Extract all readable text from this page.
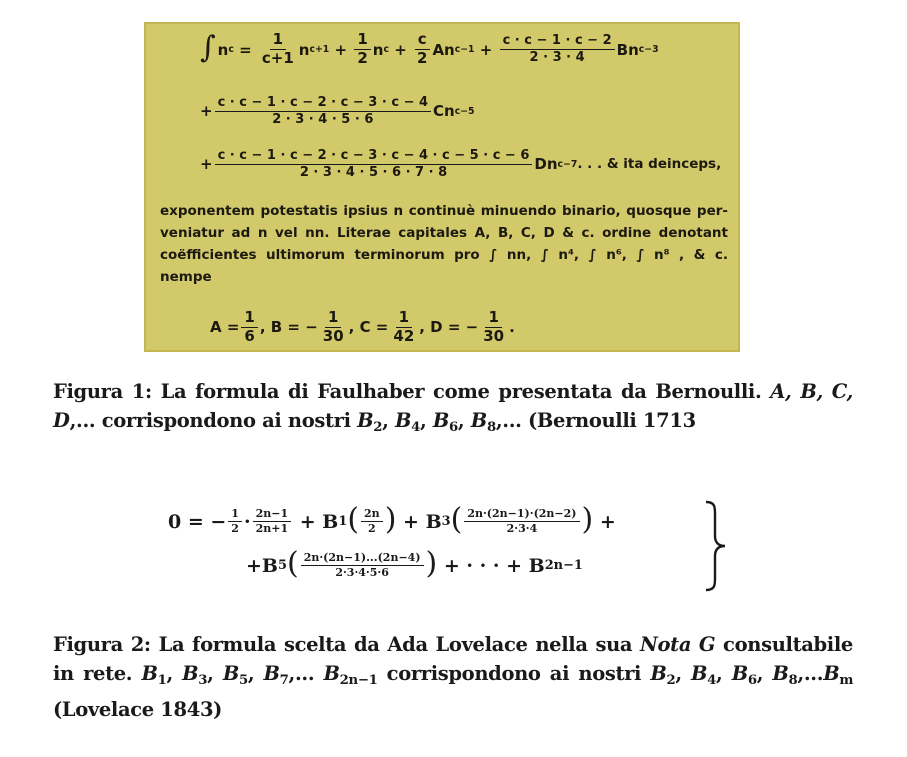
∫ n c
=
$\frac{1}{c+1}$ n c+1
+
$\frac{1}{2}$ n c
+
$\frac{c}{2}$ An c−1
+
$\frac{c \cdot c - 1 \cdot c - 2}{2 \cdot 3 \cdot 4}$ Bn c−3
+ $\frac{c \cdot c - 1 \cdot c - 2 \cdot c - 3 \cdot c - 4}{2 \cdot 3 \cdot 4 \cdot 5 \cdot 6}$ Cn c−5
+ $\frac{c \cdot c - 1 \cdot c - 2 \cdot c - 3 \cdot c - 4 \cdot c - 5 \cdot c - 6}{2 \cdot 3 \cdot 4 \cdot 5 \cdot 6 \cdot 7 \cdot 8}$ Dn c−7 . . . & ita deinceps,
exponentem potestatis ipsius n continuè minuendo binario, quosque per-
veniatur ad n vel nn. Literae capitales A, B, C, D & c. ordine denotant
coëfficientes ultimorum terminorum pro ∫ nn, ∫ n⁴, ∫ n⁶, ∫ n⁸ , & c.
nempe
$A = \frac{1}{6}$ , B = − $\frac{1}{30}$ , $C = \frac{1}{42}$ , D = − $\frac{1}{30}$ .
Figura 1: La formula di Faulhaber come presentata da Bernoulli. A, B, C,
D,... corrispondono ai nostri $B_2$, $B_4$, $B_6$, $B_8$,... (Bernoulli 1713
0 = − $\frac{1}{2} \cdot \frac{2n-1}{2n+1}$
+ B 1 ( $\frac{2n}{2}$ )
+ B 3 ( $\frac{2n\cdot(2n-1)\cdot(2n-2)}{2\cdot 3\cdot 4}$ )
+
+B 5 ( $\frac{2n\cdot(2n-1)...(2n-4)}{2\cdot 3\cdot 4\cdot 5\cdot 6}$ )
+ · · · + B 2n−1
Figura 2: La formula scelta da Ada Lovelace nella sua Nota G consultabile
in rete. $B_1$, $B_3$, $B_5$, $B_7$,... $B_{2n-1}$ corrispondono ai nostri $B_2$, $B_4$, $B_6$, $B_8,...B_m$
(Lovelace 1843)
